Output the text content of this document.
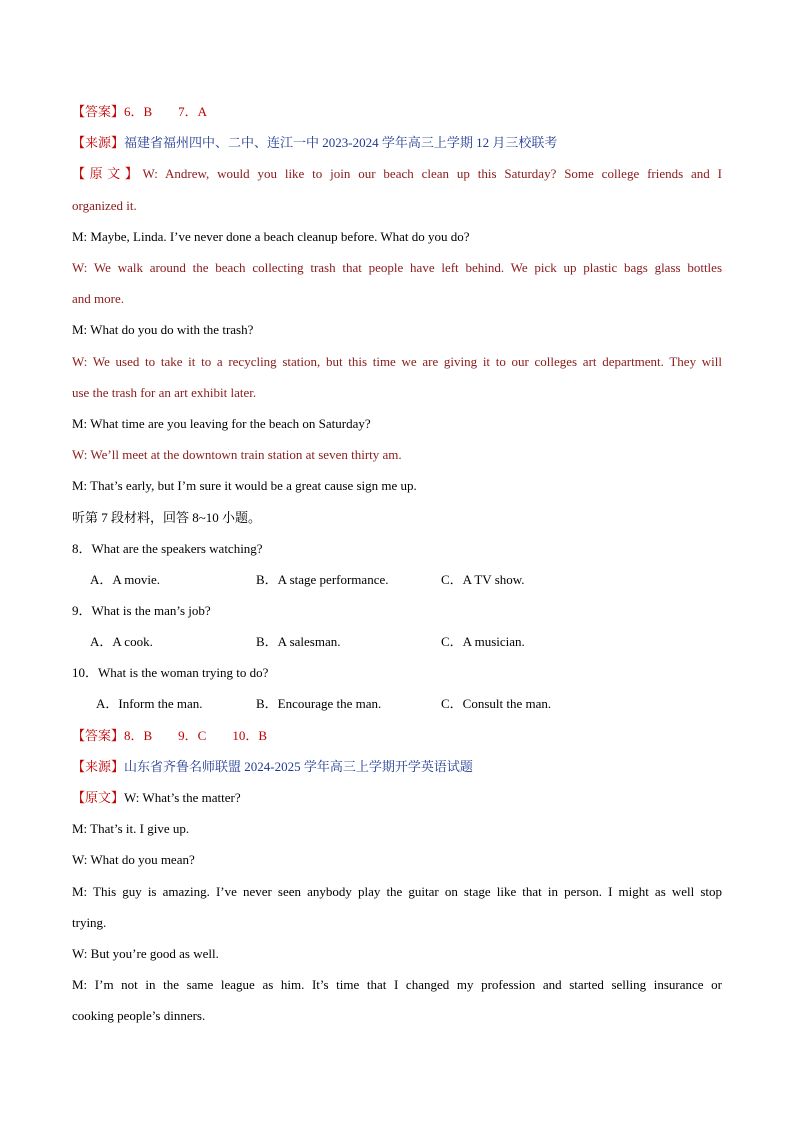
【答案】6．B　　7．A
【来源】福建省福州四中、二中、连江一中 2023-2024 学年高三上学期 12 月三校联考
【原文】W: Andrew, would you like to join our beach clean up this Saturday? Some college friends and I
organized it.
M: Maybe, Linda. I’ve never done a beach cleanup before. What do you do?
W: We walk around the beach collecting trash that people have left behind. We pick up plastic bags glass bottles
and more.
M: What do you do with the trash?
W: We used to take it to a recycling station, but this time we are giving it to our colleges art department. They will
use the trash for an art exhibit later.
M: What time are you leaving for the beach on Saturday?
W: We’ll meet at the downtown train station at seven thirty am.
M: That’s early, but I’m sure it would be a great cause sign me up.
听第 7 段材料，回答 8~10 小题。
8．What are the speakers watching?
A．A movie.	B．A stage performance.	C．A TV show.
9．What is the man’s job?
A．A cook.	B．A salesman.	C．A musician.
10．What is the woman trying to do?
A．Inform the man.	B．Encourage the man.	C．Consult the man.
【答案】8．B　　9．C　　10．B
【来源】山东省齐鲁名师联盟 2024-2025 学年高三上学期开学英语试题
【原文】W: What’s the matter?
M: That’s it. I give up.
W: What do you mean?
M: This guy is amazing. I’ve never seen anybody play the guitar on stage like that in person. I might as well stop
trying.
W: But you’re good as well.
M: I’m not in the same league as him. It’s time that I changed my profession and started selling insurance or
cooking people’s dinners.
